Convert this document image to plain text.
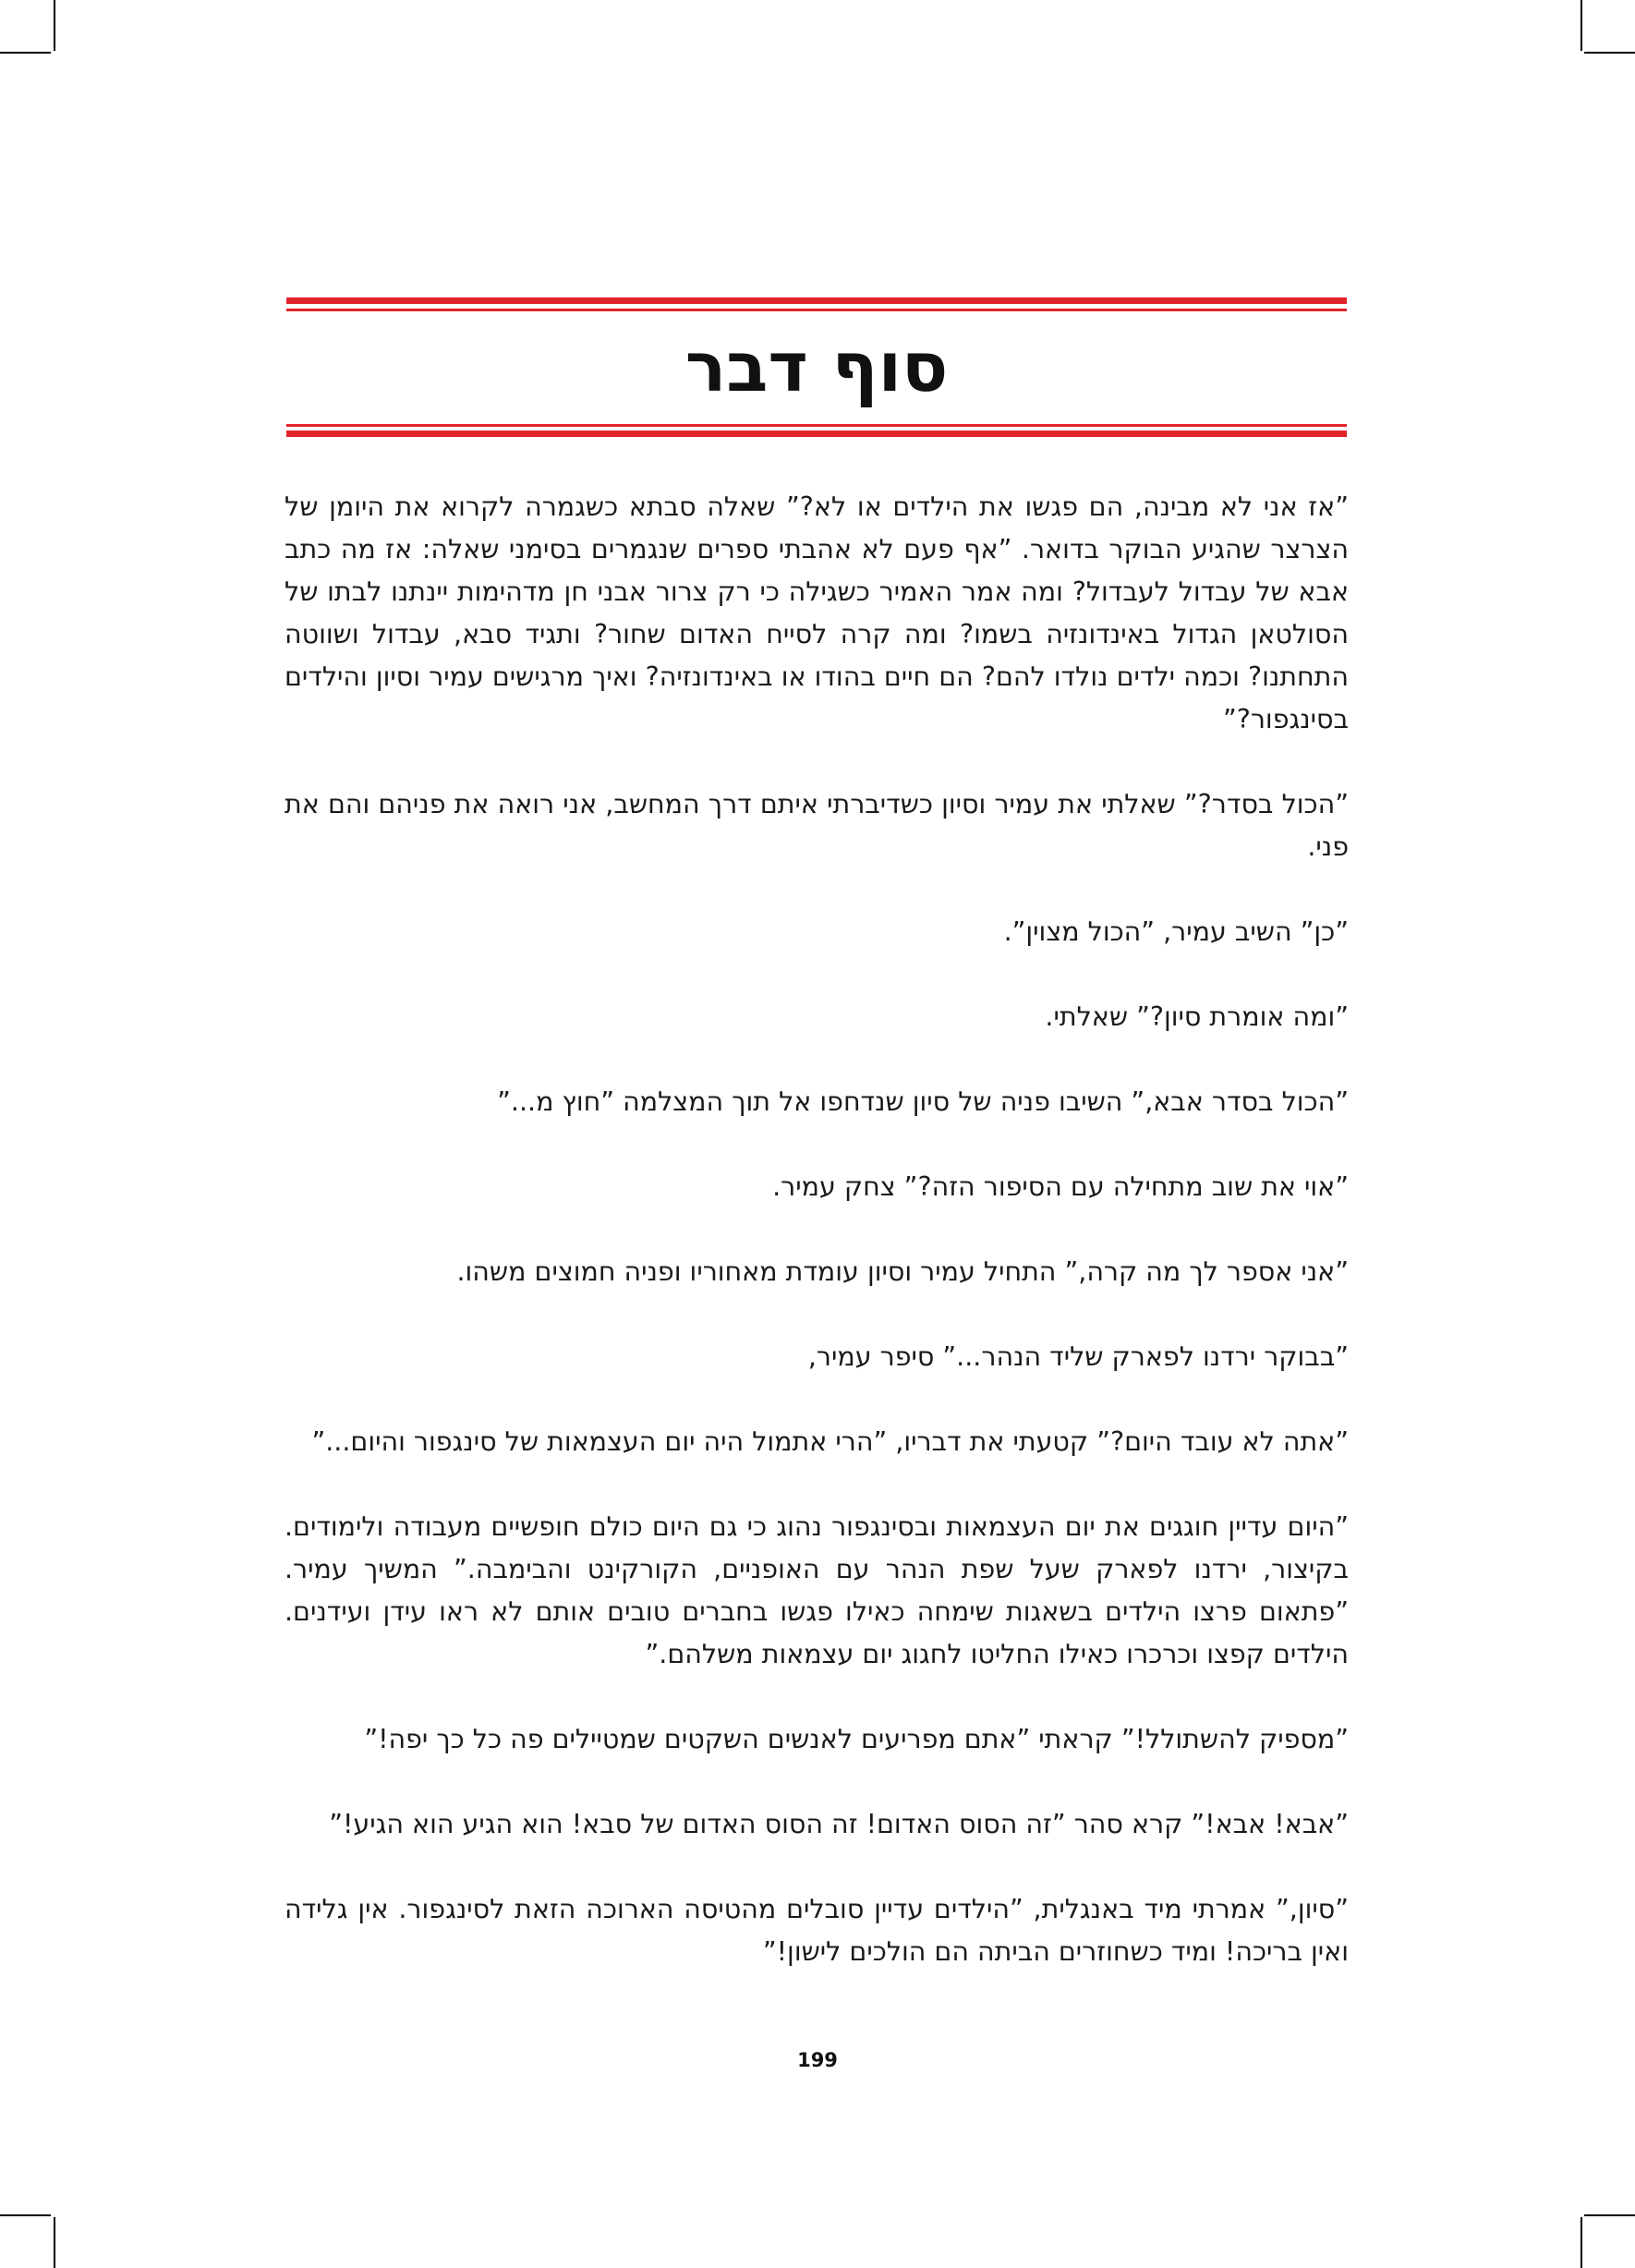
סוף דבר

”אז אני לא מבינה, הם פגשו את הילדים או לא?” שאלה סבתא כשגמרה לקרוא את היומן של הצרצר שהגיע הבוקר בדואר. ”אף פעם לא אהבתי ספרים שנגמרים בסימני שאלה: אז מה כתב אבא של עבדול לעבדול? ומה אמר האמיר כשגילה כי רק צרור אבני חן מדהימות יינתנו לבתו של הסולטאן הגדול באינדונזיה בשמו? ומה קרה לסייח האדום שחור? ותגיד סבא, עבדול ושווטה התחתנו? וכמה ילדים נולדו להם? הם חיים בהודו או באינדונזיה? ואיך מרגישים עמיר וסיון והילדים בסינגפור?”

”הכול בסדר?” שאלתי את עמיר וסיון כשדיברתי איתם דרך המחשב, אני רואה את פניהם והם את פני.

”כן” השיב עמיר, ”הכול מצוין”.

”ומה אומרת סיון?” שאלתי.

”הכול בסדר אבא,” השיבו פניה של סיון שנדחפו אל תוך המצלמה ”חוץ מ...”

”אוי את שוב מתחילה עם הסיפור הזה?” צחק עמיר.

”אני אספר לך מה קרה,” התחיל עמיר וסיון עומדת מאחוריו ופניה חמוצים משהו.

”בבוקר ירדנו לפארק שליד הנהר...” סיפר עמיר,

”אתה לא עובד היום?” קטעתי את דבריו, ”הרי אתמול היה יום העצמאות של סינגפור והיום...”

”היום עדיין חוגגים את יום העצמאות ובסינגפור נהוג כי גם היום כולם חופשיים מעבודה ולימודים. בקיצור, ירדנו לפארק שעל שפת הנהר עם האופניים, הקורקינט והבימבה.” המשיך עמיר. ”פתאום פרצו הילדים בשאגות שימחה כאילו פגשו בחברים טובים אותם לא ראו עידן ועידנים. הילדים קפצו וכרכרו כאילו החליטו לחגוג יום עצמאות משלהם.”

”מספיק להשתולל!” קראתי ”אתם מפריעים לאנשים השקטים שמטיילים פה כל כך יפה!”

”אבא! אבא!” קרא סהר ”זה הסוס האדום! זה הסוס האדום של סבא! הוא הגיע הוא הגיע!”

”סיון,” אמרתי מיד באנגלית, ”הילדים עדיין סובלים מהטיסה הארוכה הזאת לסינגפור. אין גלידה ואין בריכה! ומיד כשחוזרים הביתה הם הולכים לישון!”

199
